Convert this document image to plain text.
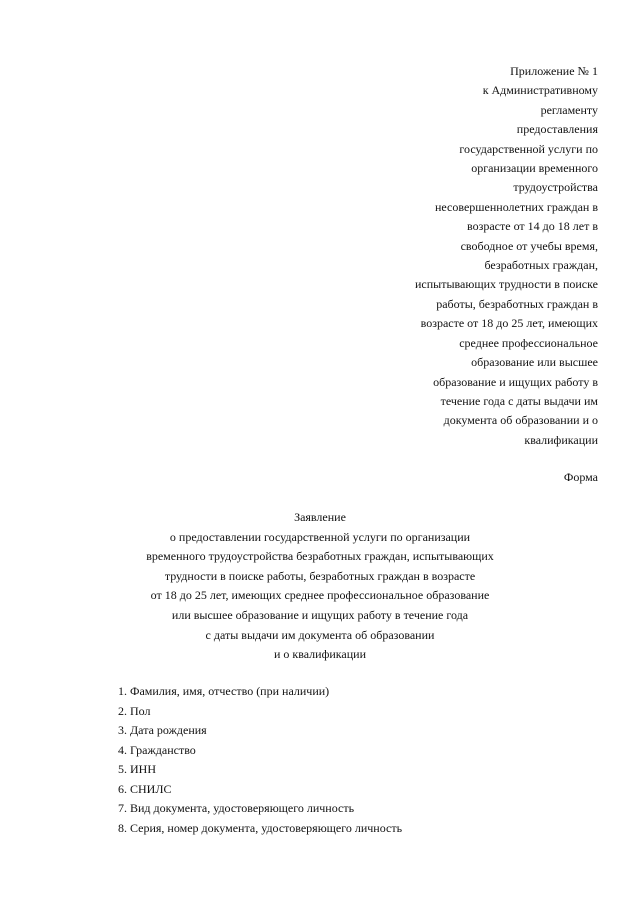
Приложение № 1
к Административному
регламенту
предоставления
государственной услуги по
организации временного
трудоустройства
несовершеннолетних граждан в
возрасте от 14 до 18 лет в
свободное от учебы время,
безработных граждан,
испытывающих трудности в поиске
работы, безработных граждан в
возрасте от 18 до 25 лет, имеющих
среднее профессиональное
образование или высшее
образование и ищущих работу в
течение года с даты выдачи им
документа об образовании и о
квалификации
Форма
Заявление
о предоставлении государственной услуги по организации
временного трудоустройства безработных граждан, испытывающих
трудности в поиске работы, безработных граждан в возрасте
от 18 до 25 лет, имеющих среднее профессиональное образование
или высшее образование и ищущих работу в течение года
с даты выдачи им документа об образовании
и о квалификации
1. Фамилия, имя, отчество (при наличии)
2. Пол
3. Дата рождения
4. Гражданство
5. ИНН
6. СНИЛС
7. Вид документа, удостоверяющего личность
8. Серия, номер документа, удостоверяющего личность
